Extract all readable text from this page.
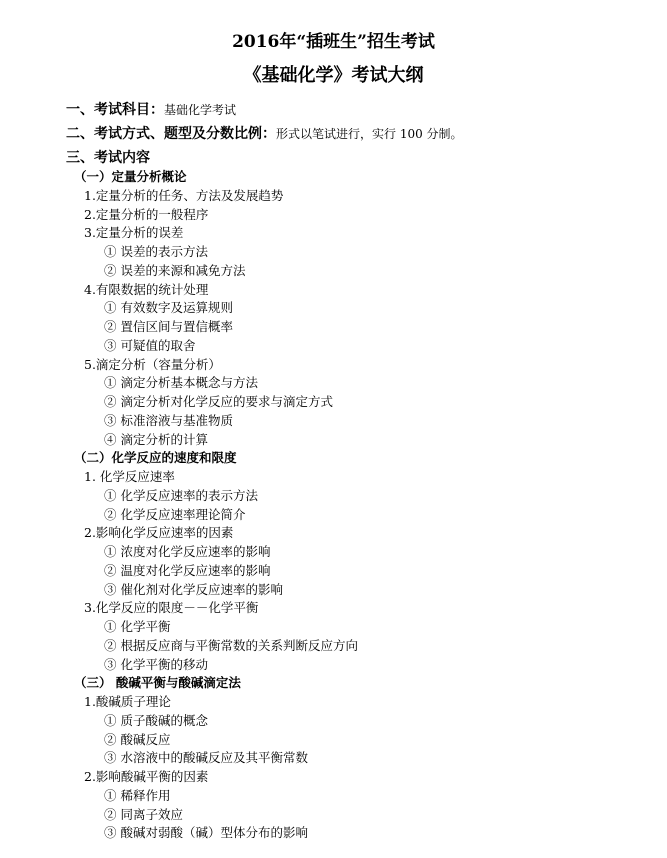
2016年“插班生”招生考试
《基础化学》考试大纲
一、考试科目：基础化学考试
二、考试方式、题型及分数比例：形式以笔试进行，实行 100 分制。
三、考试内容
（一）定量分析概论
1.定量分析的任务、方法及发展趋势
2.定量分析的一般程序
3.定量分析的误差
① 误差的表示方法
② 误差的来源和减免方法
4.有限数据的统计处理
① 有效数字及运算规则
② 置信区间与置信概率
③ 可疑值的取舍
5.滴定分析（容量分析）
① 滴定分析基本概念与方法
② 滴定分析对化学反应的要求与滴定方式
③ 标准溶液与基准物质
④ 滴定分析的计算
（二）化学反应的速度和限度
1. 化学反应速率
① 化学反应速率的表示方法
② 化学反应速率理论简介
2.影响化学反应速率的因素
① 浓度对化学反应速率的影响
② 温度对化学反应速率的影响
③ 催化剂对化学反应速率的影响
3.化学反应的限度－－化学平衡
① 化学平衡
② 根据反应商与平衡常数的关系判断反应方向
③ 化学平衡的移动
（三） 酸碱平衡与酸碱滴定法
1.酸碱质子理论
① 质子酸碱的概念
② 酸碱反应
③ 水溶液中的酸碱反应及其平衡常数
2.影响酸碱平衡的因素
① 稀释作用
② 同离子效应
③ 酸碱对弱酸（碱）型体分布的影响
